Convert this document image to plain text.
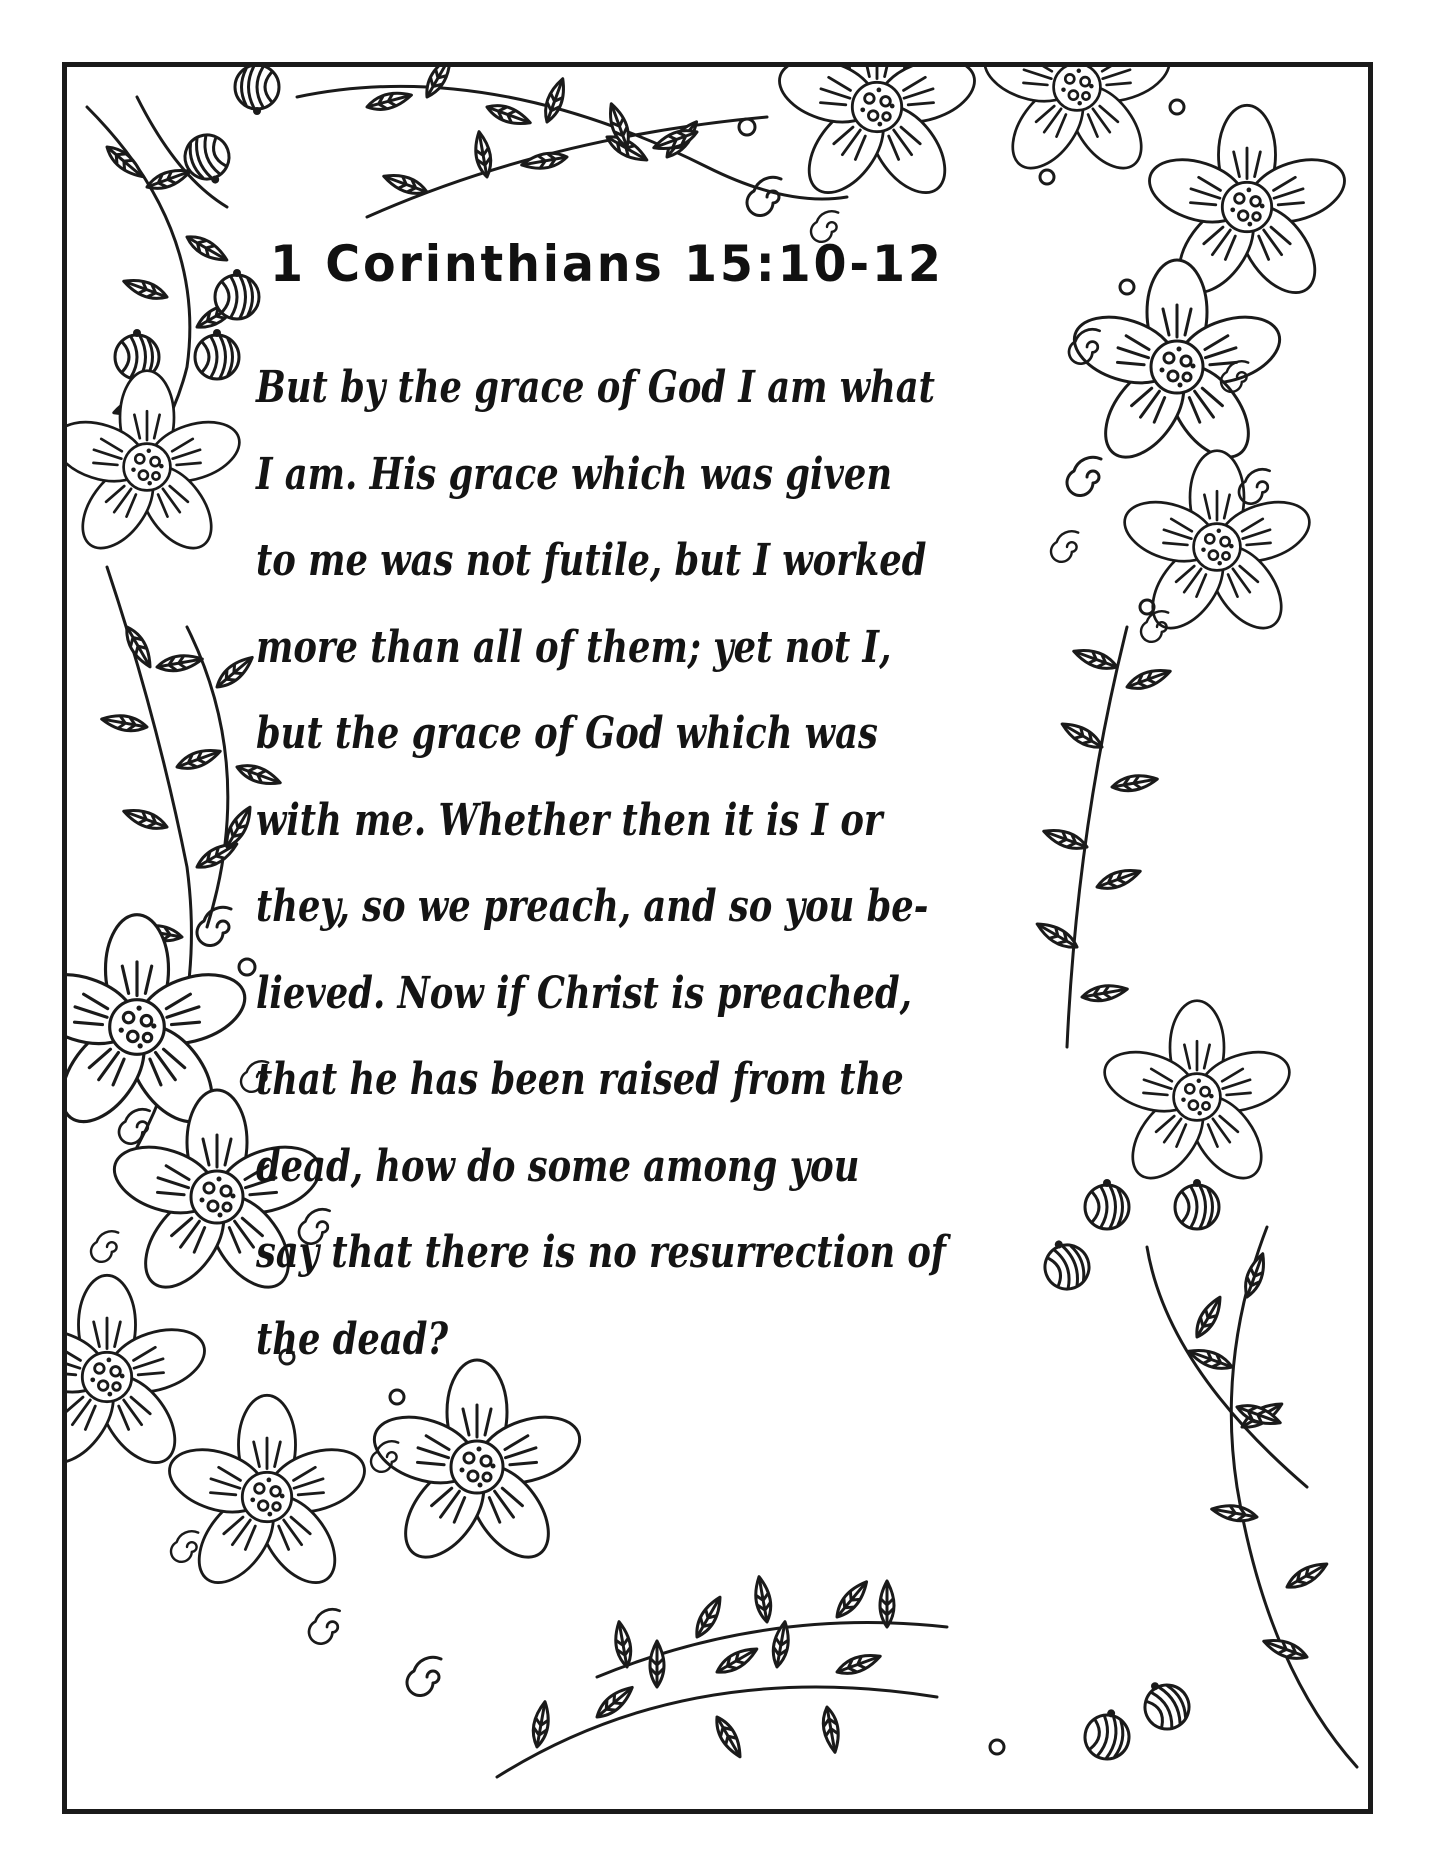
1 Corinthians 15:10-12
But by the grace of God I am what
I am. His grace which was given
to me was not futile, but I worked
more than all of them; yet not I,
but the grace of God which was
with me. Whether then it is I or
they, so we preach, and so you be-
lieved. Now if Christ is preached,
that he has been raised from the
dead, how do some among you
say that there is no resurrection of
the dead?
